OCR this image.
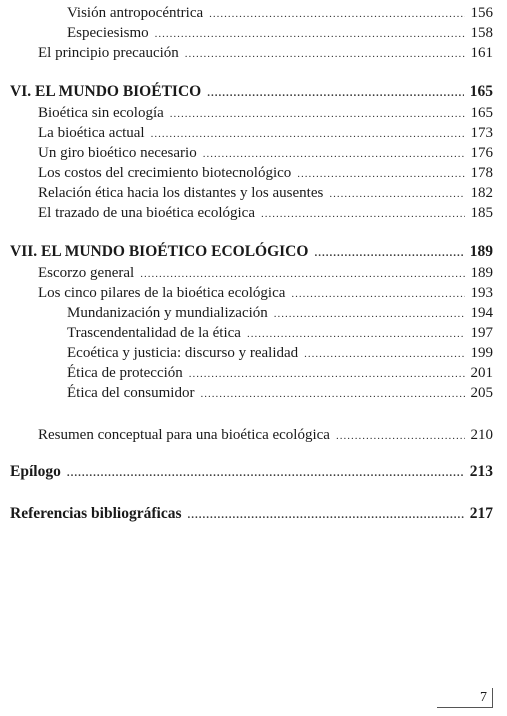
Visión antropocéntrica .....	156
Especiesismo .....	158
El principio precaución .....	161
VI. EL MUNDO BIOÉTICO .....	165
Bioética sin ecología .....	165
La bioética actual .....	173
Un giro bioético necesario .....	176
Los costos del crecimiento biotecnológico .....	178
Relación ética hacia los distantes y los ausentes .....	182
El trazado de una bioética ecológica .....	185
VII. EL MUNDO BIOÉTICO ECOLÓGICO .....	189
Escorzo general .....	189
Los cinco pilares de la bioética ecológica .....	193
Mundanización y mundialización .....	194
Trascendentalidad de la ética .....	197
Ecoética y justicia: discurso y realidad .....	199
Ética de protección .....	201
Ética del consumidor .....	205
Resumen conceptual para una bioética ecológica .....	210
Epílogo .....	213
Referencias bibliográficas .....	217
7
